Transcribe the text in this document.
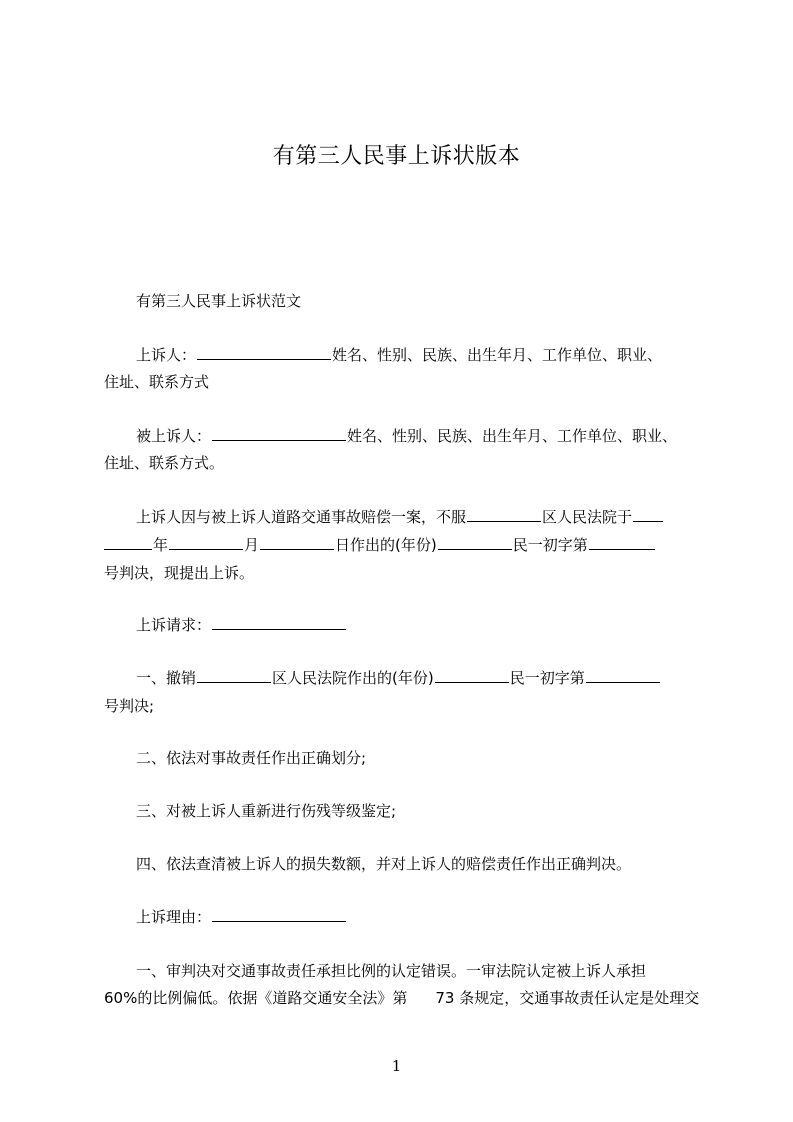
有第三人民事上诉状版本
有第三人民事上诉状范文
上诉人：	姓名、性别、民族、出生年月、工作单位、职业、
住址、联系方式
被上诉人：	姓名、性别、民族、出生年月、工作单位、职业、
住址、联系方式。
上诉人因与被上诉人道路交通事故赔偿一案，不服	区人民法院于
年	月	日作出的(年份)	民一初字第
号判决，现提出上诉。
上诉请求：
一、撤销	区人民法院作出的(年份)	民一初字第
号判决;
二、依法对事故责任作出正确划分;
三、对被上诉人重新进行伤残等级鉴定;
四、依法查清被上诉人的损失数额，并对上诉人的赔偿责任作出正确判决。
上诉理由：
一、审判决对交通事故责任承担比例的认定错误。一审法院认定被上诉人承担
60%的比例偏低。依据《道路交通安全法》第 73 条规定，交通事故责任认定是处理交
1
